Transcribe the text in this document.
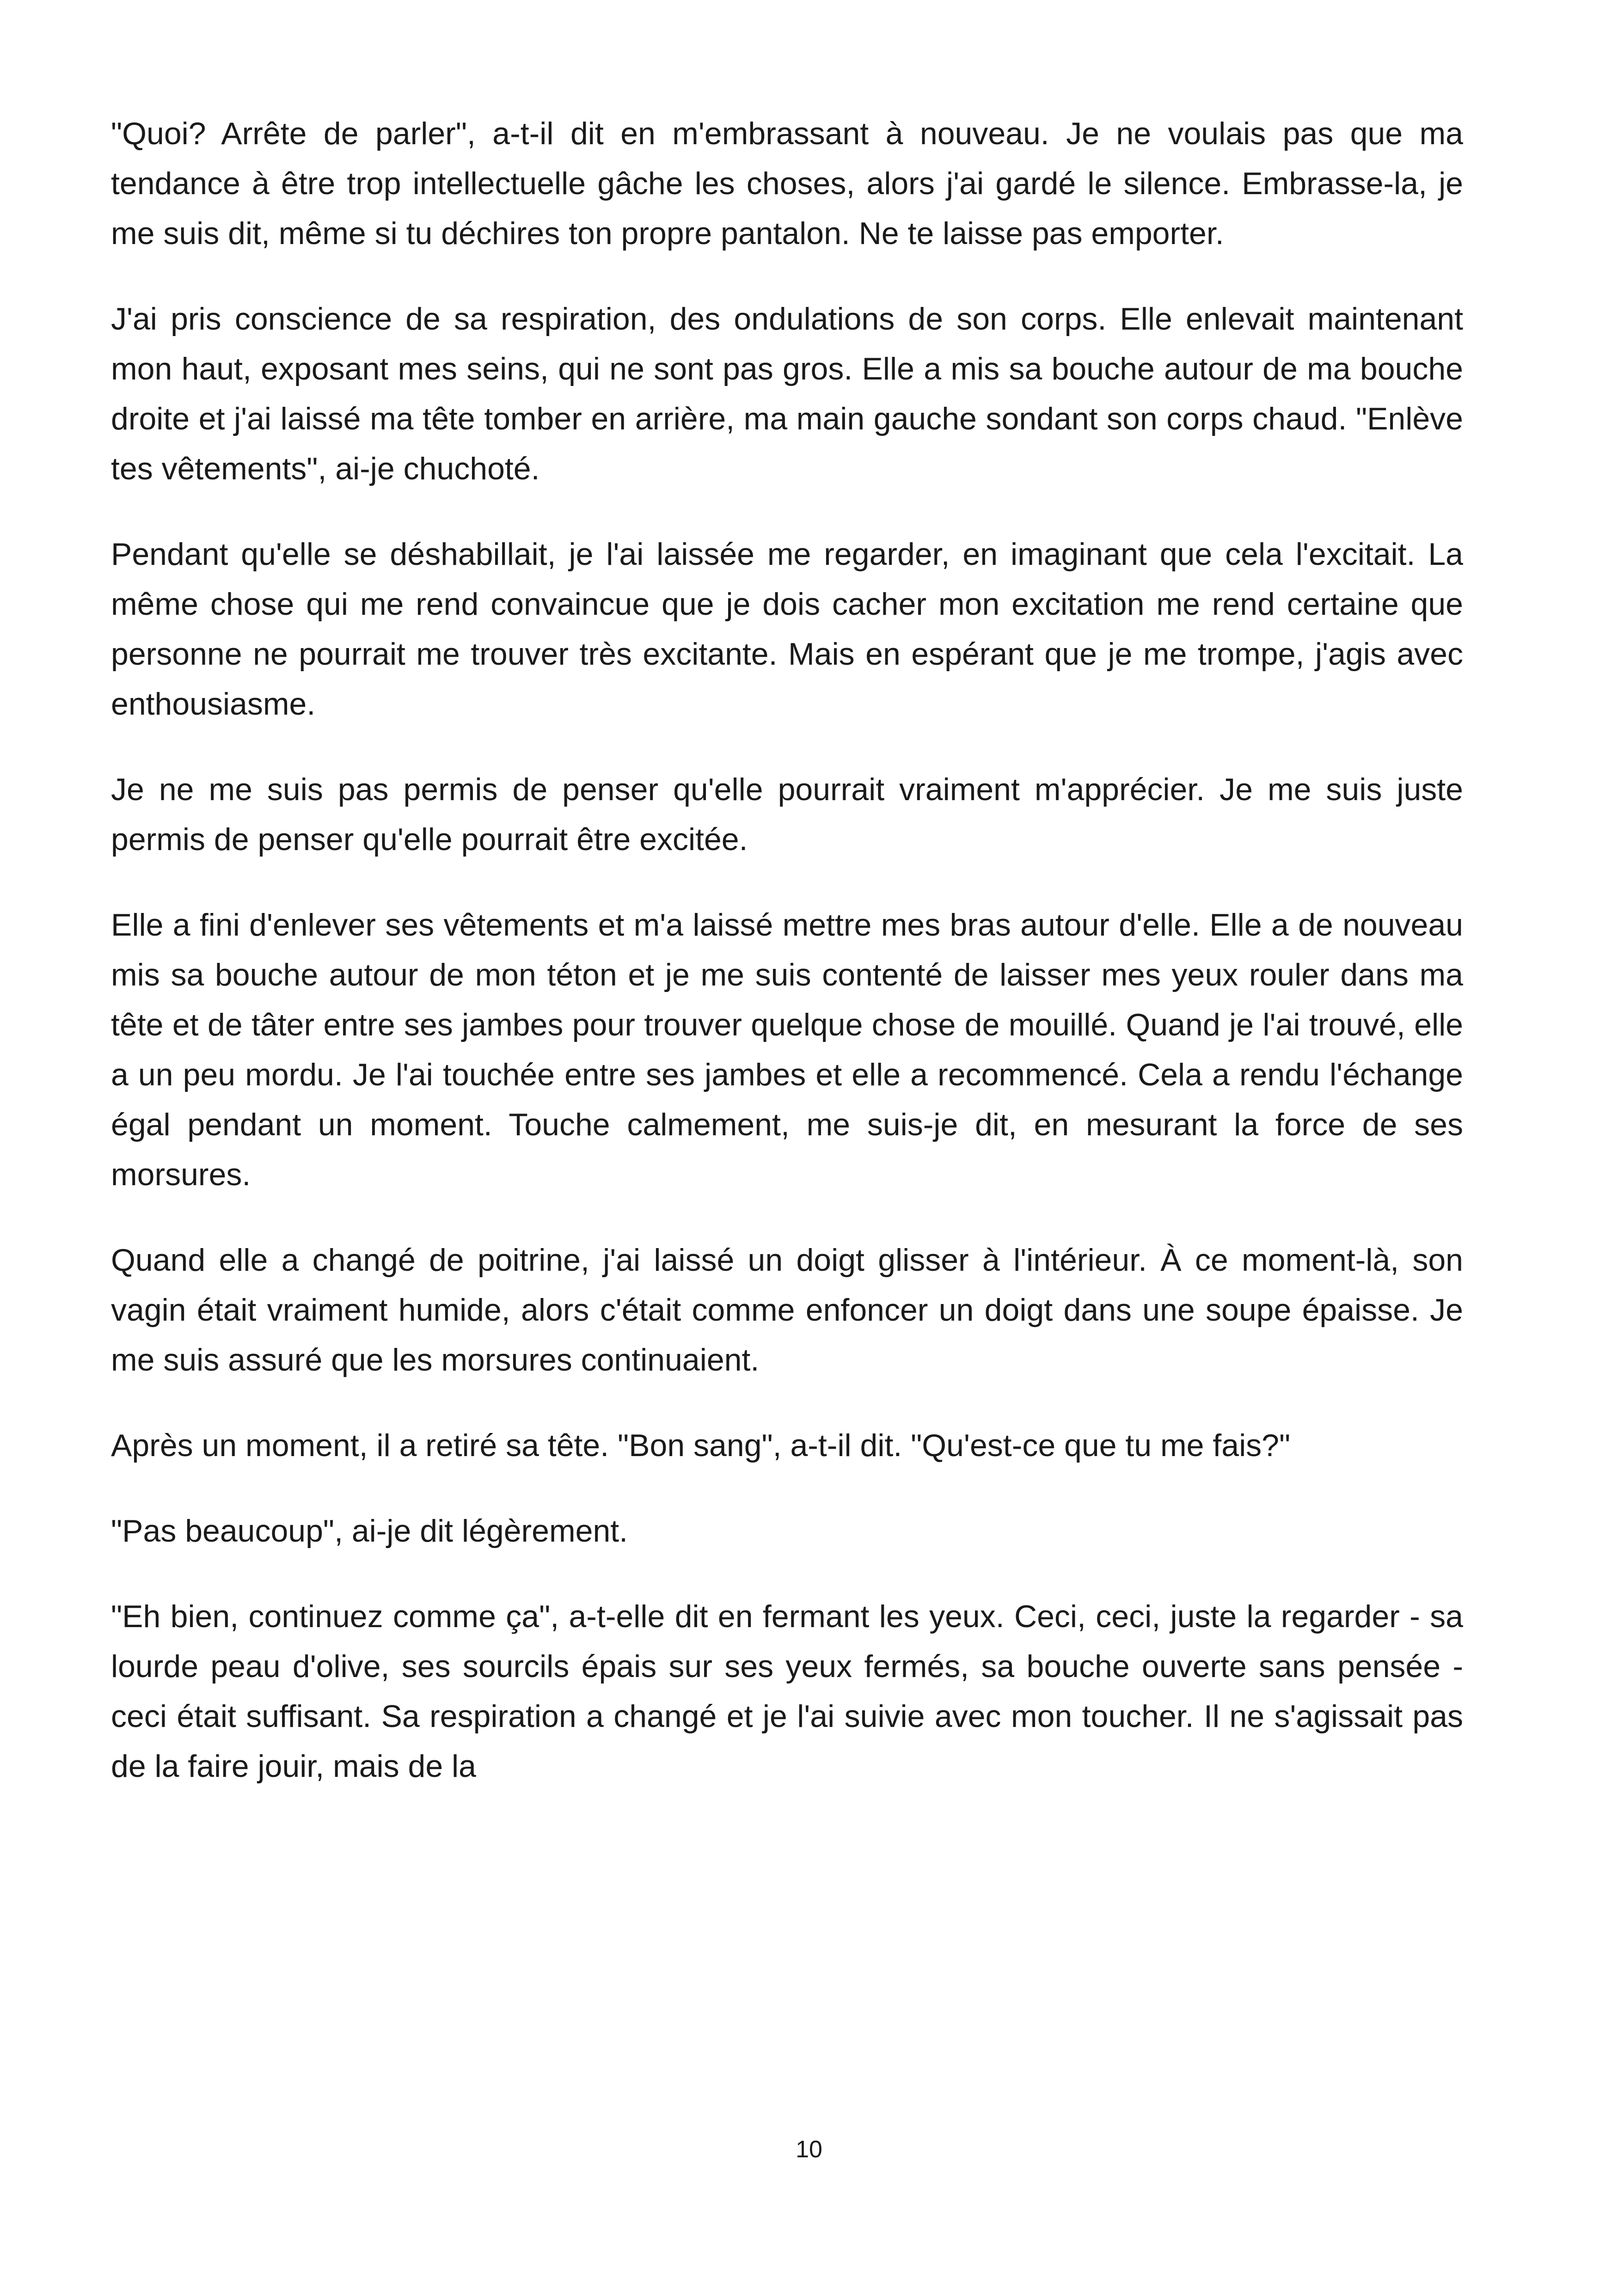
"Quoi? Arrête de parler", a-t-il dit en m'embrassant à nouveau. Je ne voulais pas que ma tendance à être trop intellectuelle gâche les choses, alors j'ai gardé le silence. Embrasse-la, je me suis dit, même si tu déchires ton propre pantalon. Ne te laisse pas emporter.

J'ai pris conscience de sa respiration, des ondulations de son corps. Elle enlevait maintenant mon haut, exposant mes seins, qui ne sont pas gros. Elle a mis sa bouche autour de ma bouche droite et j'ai laissé ma tête tomber en arrière, ma main gauche sondant son corps chaud. "Enlève tes vêtements", ai-je chuchoté.

Pendant qu'elle se déshabillait, je l'ai laissée me regarder, en imaginant que cela l'excitait. La même chose qui me rend convaincue que je dois cacher mon excitation me rend certaine que personne ne pourrait me trouver très excitante. Mais en espérant que je me trompe, j'agis avec enthousiasme.

Je ne me suis pas permis de penser qu'elle pourrait vraiment m'apprécier. Je me suis juste permis de penser qu'elle pourrait être excitée.

Elle a fini d'enlever ses vêtements et m'a laissé mettre mes bras autour d'elle. Elle a de nouveau mis sa bouche autour de mon téton et je me suis contenté de laisser mes yeux rouler dans ma tête et de tâter entre ses jambes pour trouver quelque chose de mouillé. Quand je l'ai trouvé, elle a un peu mordu. Je l'ai touchée entre ses jambes et elle a recommencé. Cela a rendu l'échange égal pendant un moment. Touche calmement, me suis-je dit, en mesurant la force de ses morsures.

Quand elle a changé de poitrine, j'ai laissé un doigt glisser à l'intérieur. À ce moment-là, son vagin était vraiment humide, alors c'était comme enfoncer un doigt dans une soupe épaisse. Je me suis assuré que les morsures continuaient.

Après un moment, il a retiré sa tête. "Bon sang", a-t-il dit. "Qu'est-ce que tu me fais?"

"Pas beaucoup", ai-je dit légèrement.

"Eh bien, continuez comme ça", a-t-elle dit en fermant les yeux. Ceci, ceci, juste la regarder - sa lourde peau d'olive, ses sourcils épais sur ses yeux fermés, sa bouche ouverte sans pensée - ceci était suffisant. Sa respiration a changé et je l'ai suivie avec mon toucher. Il ne s'agissait pas de la faire jouir, mais de la

10
